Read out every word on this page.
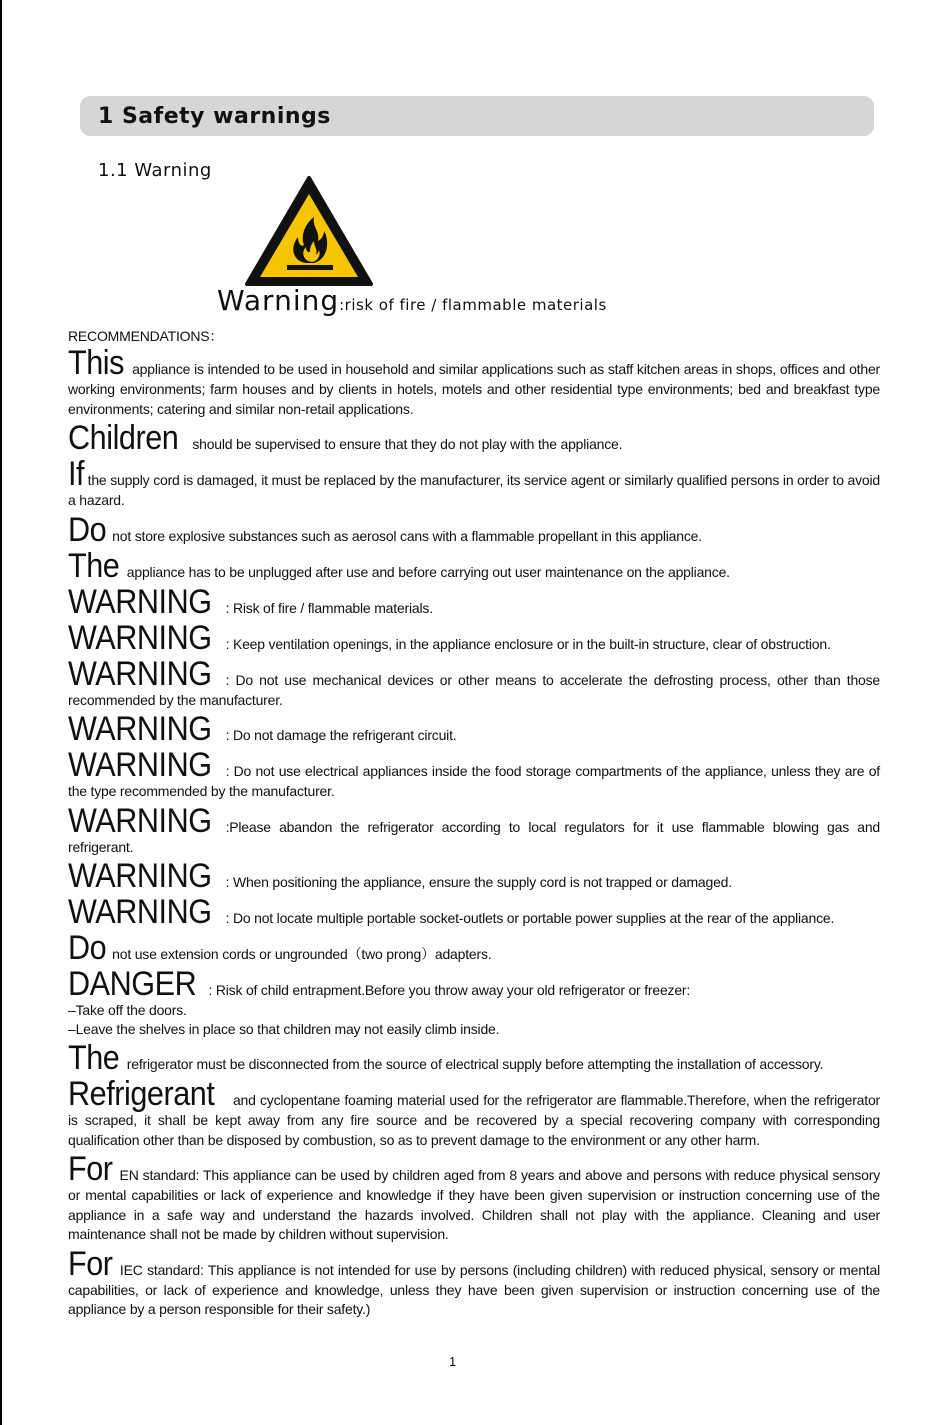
1 Safety warnings
1.1 Warning
Warning:risk of fire / flammable materials
RECOMMENDATIONS：

This appliance is intended to be used in household and similar applications such as staff kitchen areas in shops, offices and other working environments; farm houses and by clients in hotels, motels and other residential type environments; bed and breakfast type environments; catering and similar non-retail applications.

Children should be supervised to ensure that they do not play with the appliance.

If the supply cord is damaged, it must be replaced by the manufacturer, its service agent or similarly qualified persons in order to avoid a hazard.

Do not store explosive substances such as aerosol cans with a flammable propellant in this appliance.

The appliance has to be unplugged after use and before carrying out user maintenance on the appliance.

WARNING : Risk of fire / flammable materials.

WARNING : Keep ventilation openings, in the appliance enclosure or in the built-in structure, clear of obstruction.

WARNING : Do not use mechanical devices or other means to accelerate the defrosting process, other than those recommended by the manufacturer.

WARNING : Do not damage the refrigerant circuit.

WARNING : Do not use electrical appliances inside the food storage compartments of the appliance, unless they are of the type recommended by the manufacturer.

WARNING :Please abandon the refrigerator according to local regulators for it use flammable blowing gas and refrigerant.

WARNING : When positioning the appliance, ensure the supply cord is not trapped or damaged.

WARNING : Do not locate multiple portable socket-outlets or portable power supplies at the rear of the appliance.

Do not use extension cords or ungrounded（two prong）adapters.

DANGER : Risk of child entrapment.Before you throw away your old refrigerator or freezer:

–Take off the doors.

–Leave the shelves in place so that children may not easily climb inside.

The refrigerator must be disconnected from the source of electrical supply before attempting the installation of accessory.

Refrigerant and cyclopentane foaming material used for the refrigerator are flammable.Therefore, when the refrigerator is scraped, it shall be kept away from any fire source and be recovered by a special recovering company with corresponding qualification other than be disposed by combustion, so as to prevent damage to the environment or any other harm.

For EN standard: This appliance can be used by children aged from 8 years and above and persons with reduce physical sensory or mental capabilities or lack of experience and knowledge if they have been given supervision or instruction concerning use of the appliance in a safe way and understand the hazards involved. Children shall not play with the appliance. Cleaning and user maintenance shall not be made by children without supervision.

For IEC standard: This appliance is not intended for use by persons (including children) with reduced physical, sensory or mental capabilities, or lack of experience and knowledge, unless they have been given supervision or instruction concerning use of the appliance by a person responsible for their safety.)

1
